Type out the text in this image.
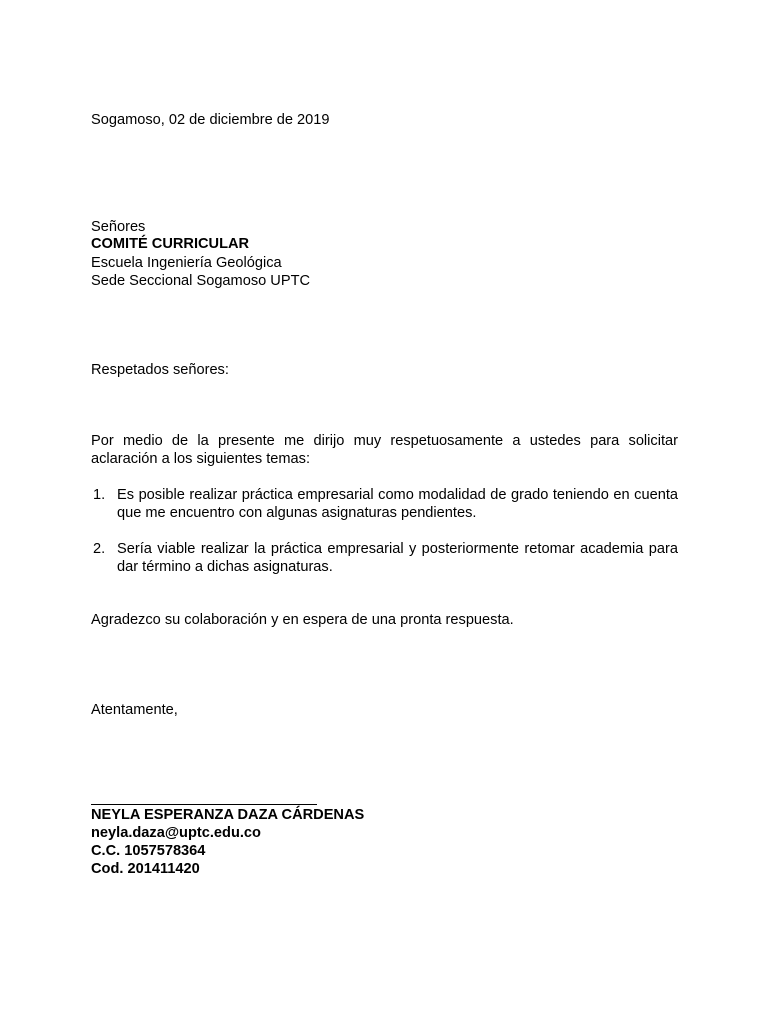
Sogamoso, 02 de diciembre de 2019

Señores

COMITÉ CURRICULAR

Escuela Ingeniería Geológica

Sede Seccional Sogamoso UPTC

Respetados señores:

Por medio de la presente me dirijo muy respetuosamente a ustedes para solicitar aclaración a los siguientes temas:

1. Es posible realizar práctica empresarial como modalidad de grado teniendo en cuenta que me encuentro con algunas asignaturas pendientes.
2. Sería viable realizar la práctica empresarial y posteriormente retomar academia para dar término a dichas asignaturas.

Agradezco su colaboración y en espera de una pronta respuesta.

Atentamente,

NEYLA ESPERANZA DAZA CÁRDENAS

neyla.daza@uptc.edu.co

C.C. 1057578364

Cod. 201411420
